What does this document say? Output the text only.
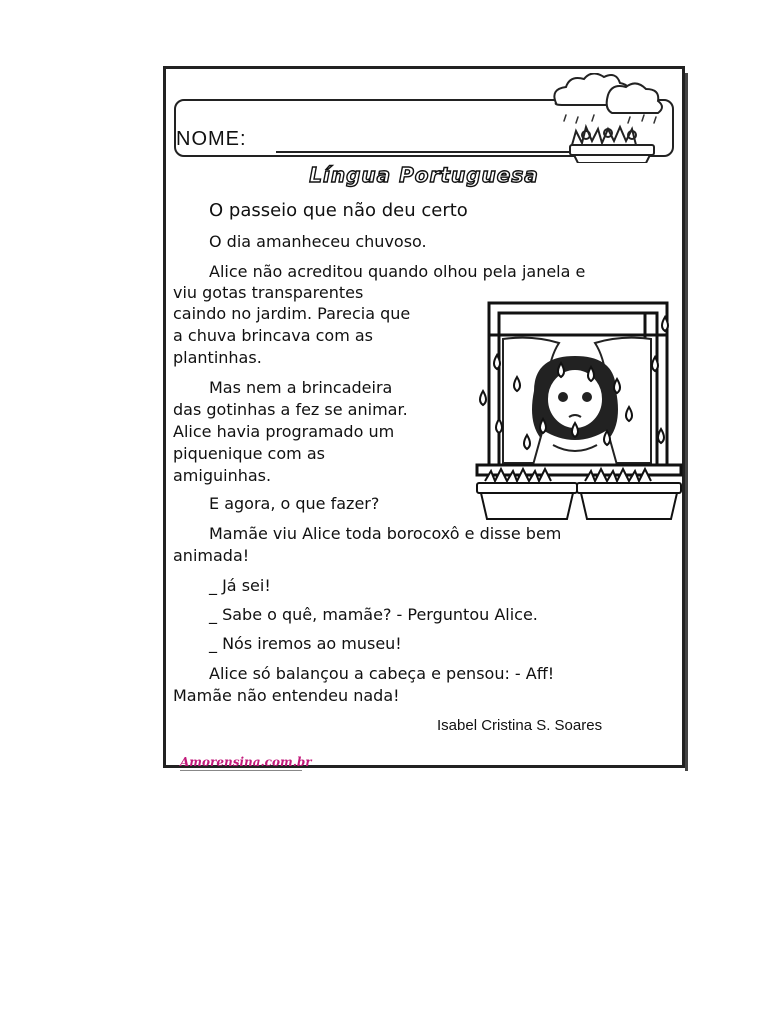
NOME:
Língua Portuguesa
O passeio que não deu certo
O dia amanheceu chuvoso.
Alice não acreditou quando olhou pela janela e
viu gotas transparentes
caindo no jardim. Parecia que
a chuva brincava com as
plantinhas.
Mas nem a brincadeira
das gotinhas a fez se animar.
Alice havia programado um
piquenique com as
amiguinhas.
E agora, o que fazer?
Mamãe viu Alice toda borocoxô e disse bem
animada!
_ Já sei!
_ Sabe o quê, mamãe? - Perguntou Alice.
_ Nós iremos ao museu!
Alice só balançou a cabeça e pensou: - Aff!
Mamãe não entendeu nada!
Isabel Cristina S. Soares
Amorensina.com.br
